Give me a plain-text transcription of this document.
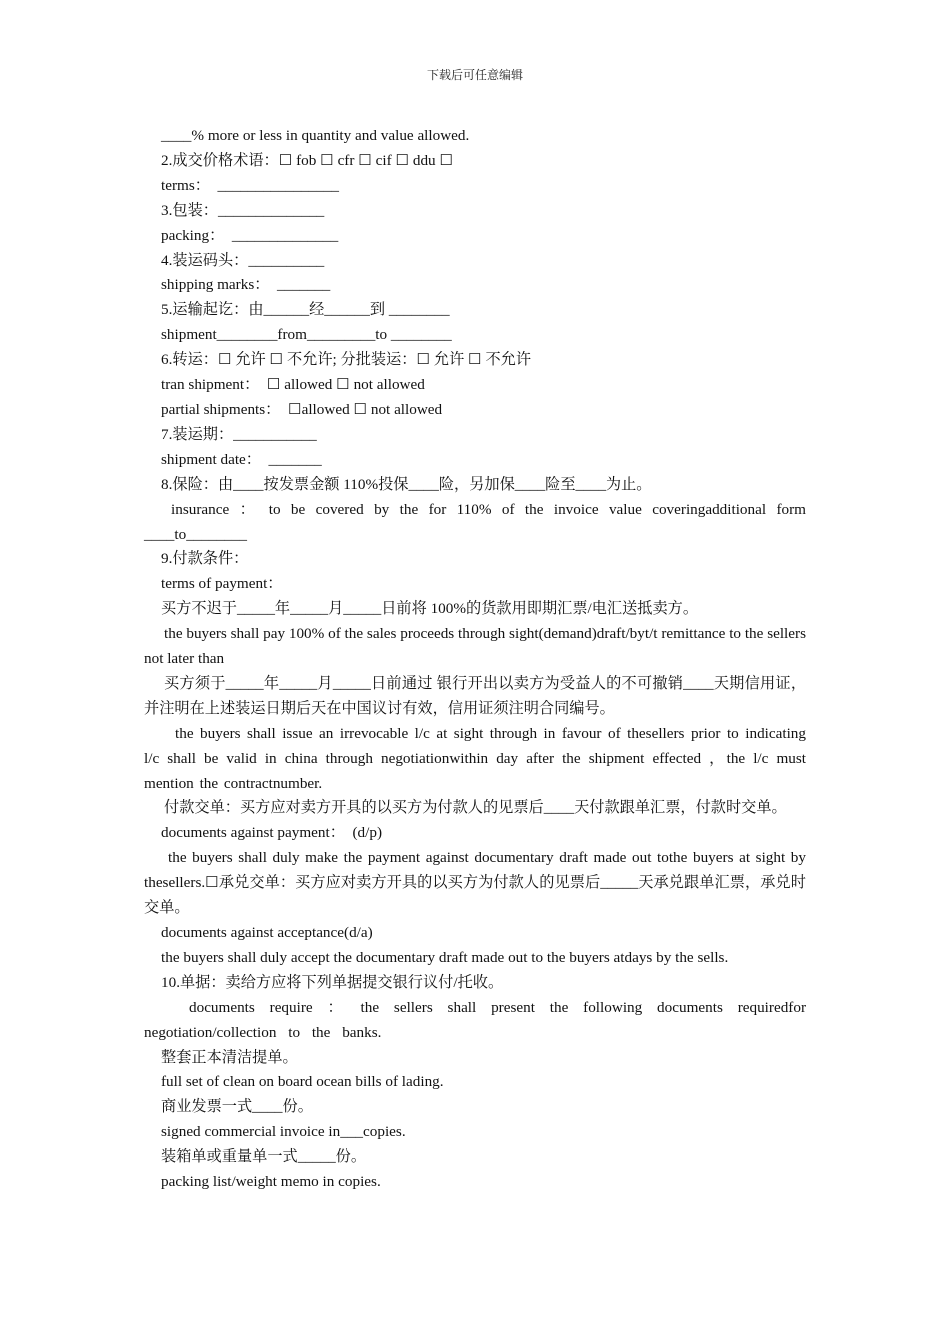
下载后可任意编辑

____% more or less in quantity and value allowed.

2.成交价格术语：☐ fob ☐ cfr ☐ cif ☐ ddu ☐

terms：  ________________

3.包装：______________

packing：  ______________

4.装运码头：__________

shipping marks：  _______

5.运输起讫：由______经______到 ________

shipment________from_________to ________

6.转运：☐ 允许 ☐ 不允许; 分批装运：☐ 允许 ☐ 不允许

tran shipment：  ☐ allowed ☐ not allowed

partial shipments：  ☐allowed ☐ not allowed

7.装运期：___________

shipment date：  _______

8.保险：由____按发票金额 110%投保____险，另加保____险至____为止。

insurance ： to be covered by the for 110% of the invoice value coveringadditional form ____to________

9.付款条件：

terms of payment：

买方不迟于_____年_____月_____日前将 100%的货款用即期汇票/电汇送抵卖方。

the buyers shall pay 100% of the sales proceeds through sight(demand)draft/byt/t remittance to the sellers not later than

买方须于_____年_____月_____日前通过 银行开出以卖方为受益人的不可撤销____天期信用证，并注明在上述装运日期后天在中国议讨有效，信用证须注明合同编号。

the buyers shall issue an irrevocable l/c at sight through in favour of thesellers prior to indicating l/c shall be valid in china through negotiationwithin day after the shipment effected ，the l/c must mention the contractnumber.

付款交单：买方应对卖方开具的以买方为付款人的见票后____天付款跟单汇票，付款时交单。

documents against payment：  (d/p)

the buyers shall duly make the payment against documentary draft made out tothe buyers at sight by thesellers.☐承兑交单：买方应对卖方开具的以买方为付款人的见票后_____天承兑跟单汇票，承兑时交单。

documents against acceptance(d/a)

the buyers shall duly accept the documentary draft made out to the buyers atdays by the sells.

10.单据：卖给方应将下列单据提交银行议付/托收。

documents require ： the sellers shall present the following documents requiredfor negotiation/collection to the banks.

整套正本清洁提单。

full set of clean on board ocean bills of lading.

商业发票一式____份。

signed commercial invoice in___copies.

装箱单或重量单一式_____份。

packing list/weight memo in copies.
